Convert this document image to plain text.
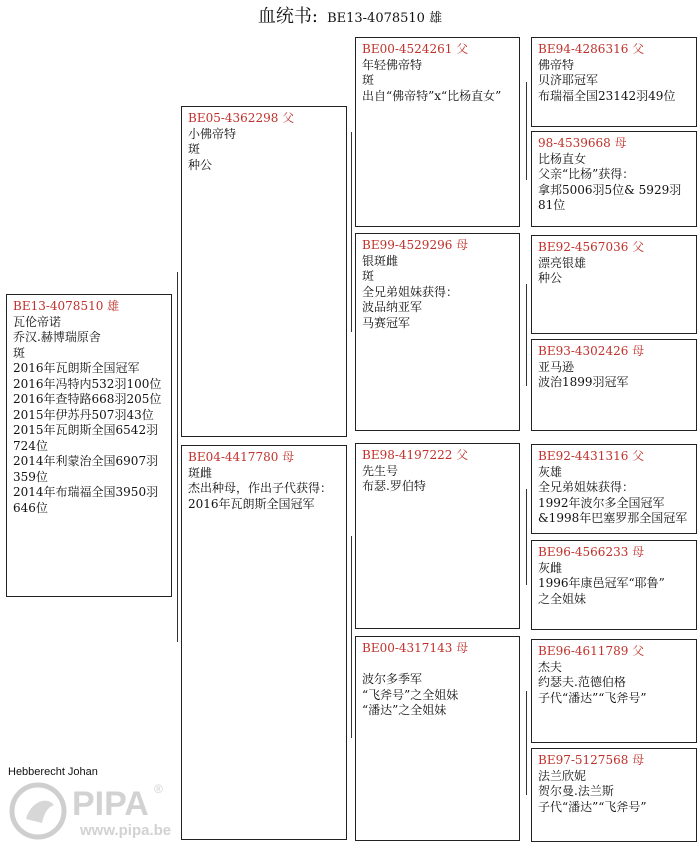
血统书: BE13-4078510 雄
BE13-4078510 雄
瓦伦帝诺
乔汉.赫博瑞原舍
斑
2016年瓦朗斯全国冠军
2016年冯特内532羽100位
2016年查特路668羽205位
2015年伊苏丹507羽43位
2015年瓦朗斯全国6542羽724位
2014年利蒙治全国6907羽359位
2014年布瑞福全国3950羽646位
BE05-4362298 父
小佛帝特
斑
种公
BE04-4417780 母
斑雌
杰出种母，作出子代获得：
2016年瓦朗斯全国冠军
BE00-4524261 父
年轻佛帝特
斑
出自“佛帝特”x“比杨直女”
BE99-4529296 母
银斑雌
斑
全兄弟姐妹获得：
波品纳亚军
马赛冠军
BE98-4197222 父
先生号
布瑟.罗伯特
BE00-4317143 母

波尔多季军
“飞斧号”之全姐妹
“潘达”之全姐妹
BE94-4286316 父
佛帝特
贝济耶冠军
布瑞福全国23142羽49位
98-4539668 母
比杨直女
父亲“比杨”获得：
拿邦5006羽5位& 5929羽81位
BE92-4567036 父
漂亮银雄
种公
BE93-4302426 母
亚马逊
波治1899羽冠军
BE92-4431316 父
灰雄
全兄弟姐妹获得：
1992年波尔多全国冠军
&1998年巴塞罗那全国冠军
BE96-4566233 母
灰雌
1996年康邑冠军“耶鲁”
之全姐妹
BE96-4611789 父
杰夫
约瑟夫.范德伯格
子代“潘达”“飞斧号”
BE97-5127568 母
法兰欣妮
贺尔曼.法兰斯
子代“潘达”“飞斧号”
Hebberecht Johan
PIPA ®
www.pipa.be
